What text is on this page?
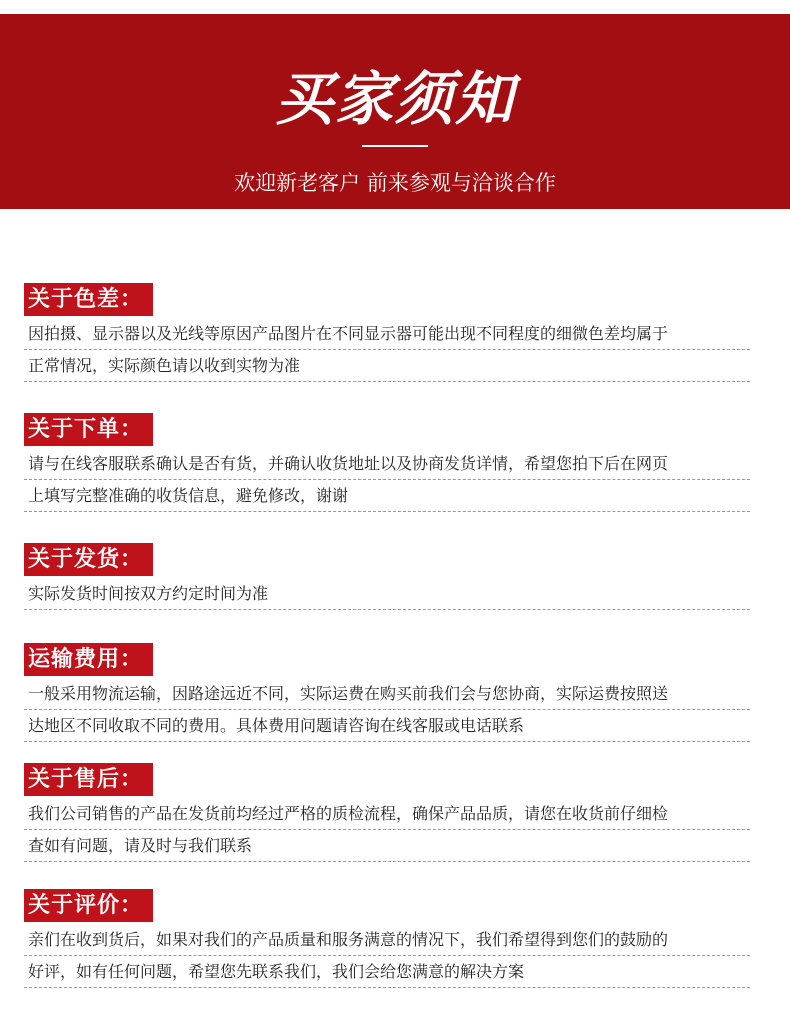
买家须知
欢迎新老客户 前来参观与洽谈合作
关于色差：
因拍摄、显示器以及光线等原因产品图片在不同显示器可能出现不同程度的细微色差均属于
正常情况，实际颜色请以收到实物为准
关于下单：
请与在线客服联系确认是否有货，并确认收货地址以及协商发货详情，希望您拍下后在网页
上填写完整准确的收货信息，避免修改，谢谢
关于发货：
实际发货时间按双方约定时间为准
运输费用：
一般采用物流运输，因路途远近不同，实际运费在购买前我们会与您协商，实际运费按照送
达地区不同收取不同的费用。具体费用问题请咨询在线客服或电话联系
关于售后：
我们公司销售的产品在发货前均经过严格的质检流程，确保产品品质，请您在收货前仔细检
查如有问题，请及时与我们联系
关于评价：
亲们在收到货后，如果对我们的产品质量和服务满意的情况下，我们希望得到您们的鼓励的
好评，如有任何问题，希望您先联系我们，我们会给您满意的解决方案
